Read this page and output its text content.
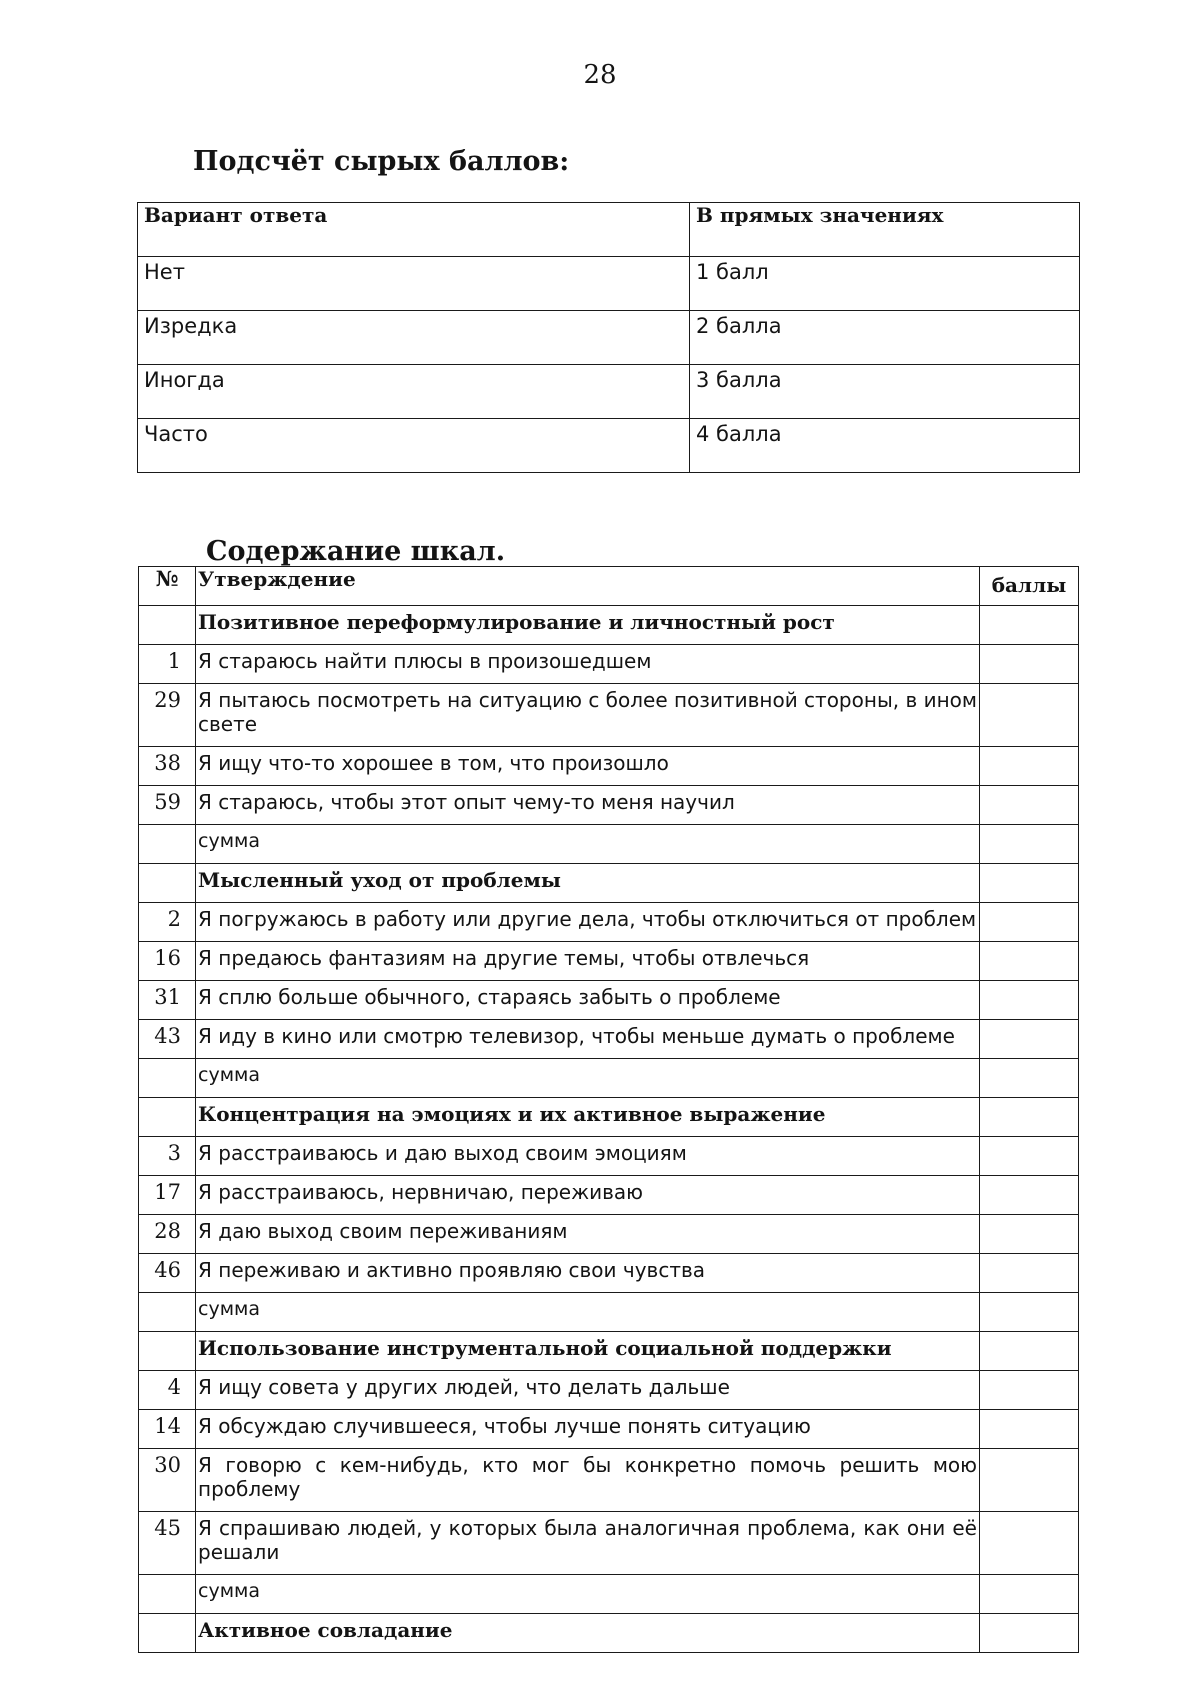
28
Подсчёт сырых баллов:
Вариант ответа	В прямых значениях
Нет	1 балл
Изредка	2 балла
Иногда	3 балла
Часто	4 балла
Содержание шкал.
№	Утверждение	баллы
	Позитивное переформулирование и личностный рост	
1	Я стараюсь найти плюсы в произошедшем	
29	Я пытаюсь посмотреть на ситуацию с более позитивной стороны, в ином свете	
38	Я ищу что-то хорошее в том, что произошло	
59	Я стараюсь, чтобы этот опыт чему-то меня научил	
	сумма	
	Мысленный уход от проблемы	
2	Я погружаюсь в работу или другие дела, чтобы отключиться от проблем	
16	Я предаюсь фантазиям на другие темы, чтобы отвлечься	
31	Я сплю больше обычного, стараясь забыть о проблеме	
43	Я иду в кино или смотрю телевизор, чтобы меньше думать о проблеме	
	сумма	
	Концентрация на эмоциях и их активное выражение	
3	Я расстраиваюсь и даю выход своим эмоциям	
17	Я расстраиваюсь, нервничаю, переживаю	
28	Я даю выход своим переживаниям	
46	Я переживаю и активно проявляю свои чувства	
	сумма	
	Использование инструментальной социальной поддержки	
4	Я ищу совета у других людей, что делать дальше	
14	Я обсуждаю случившееся, чтобы лучше понять ситуацию	
30	Я говорю с кем-нибудь, кто мог бы конкретно помочь решить мою проблему	
45	Я спрашиваю людей, у которых была аналогичная проблема, как они её решали	
	сумма	
	Активное совладание	
